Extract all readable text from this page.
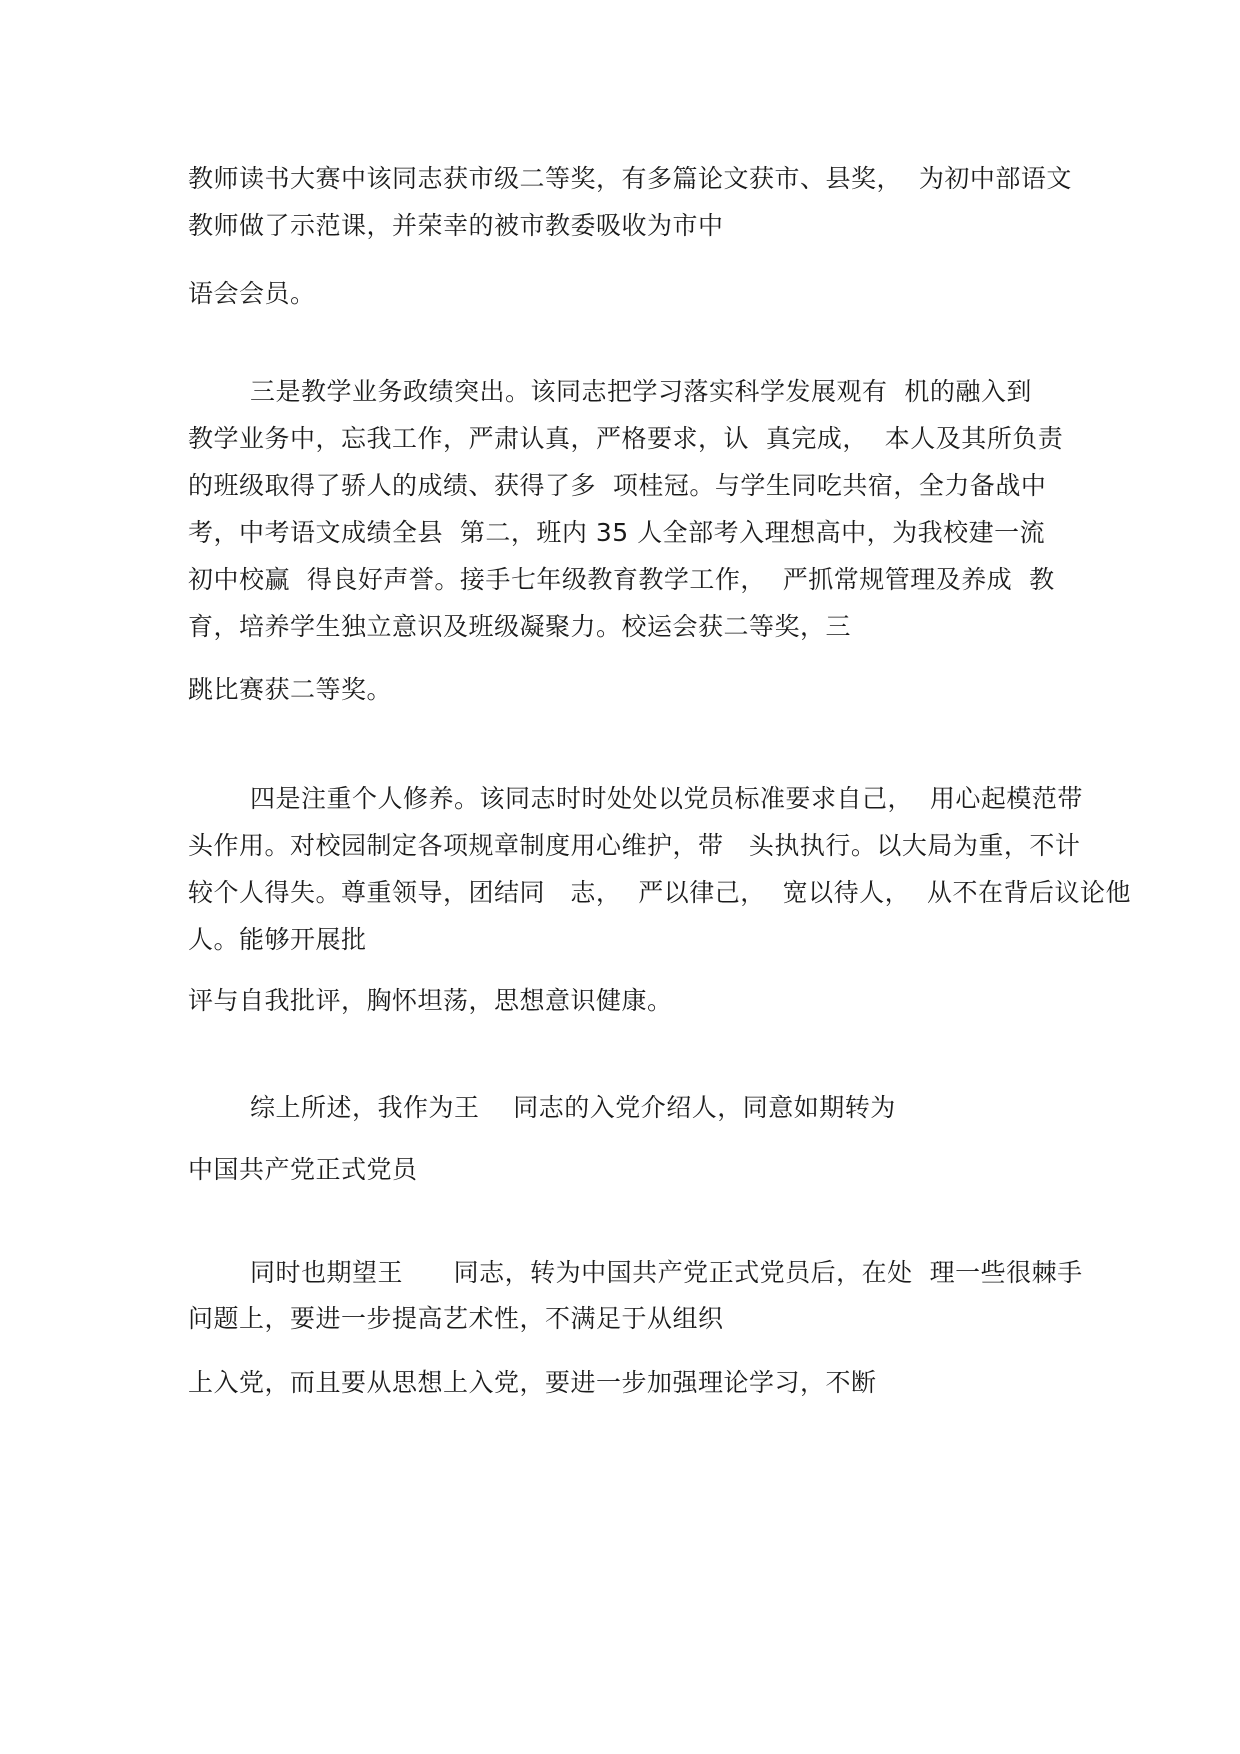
教师读书大赛中该同志获市级二等奖，有多篇论文获市、县奖，  为初中部语文
教师做了示范课，并荣幸的被市教委吸收为市中
语会会员。
三是教学业务政绩突出。该同志把学习落实科学发展观有  机的融入到
教学业务中，忘我工作，严肃认真，严格要求，认  真完成，  本人及其所负责
的班级取得了骄人的成绩、获得了多  项桂冠。与学生同吃共宿，全力备战中
考，中考语文成绩全县  第二，班内 35 人全部考入理想高中，为我校建一流
初中校赢  得良好声誉。接手七年级教育教学工作，  严抓常规管理及养成  教
育，培养学生独立意识及班级凝聚力。校运会获二等奖，三
跳比赛获二等奖。
四是注重个人修养。该同志时时处处以党员标准要求自己，  用心起模范带
头作用。对校园制定各项规章制度用心维护，带   头执执行。以大局为重，不计
较个人得失。尊重领导，团结同   志，  严以律己，  宽以待人，  从不在背后议论他
人。能够开展批
评与自我批评，胸怀坦荡，思想意识健康。
综上所述，我作为王    同志的入党介绍人，同意如期转为
中国共产党正式党员
同时也期望王      同志，转为中国共产党正式党员后，在处  理一些很棘手
问题上，要进一步提高艺术性，不满足于从组织
上入党，而且要从思想上入党，要进一步加强理论学习，不断
